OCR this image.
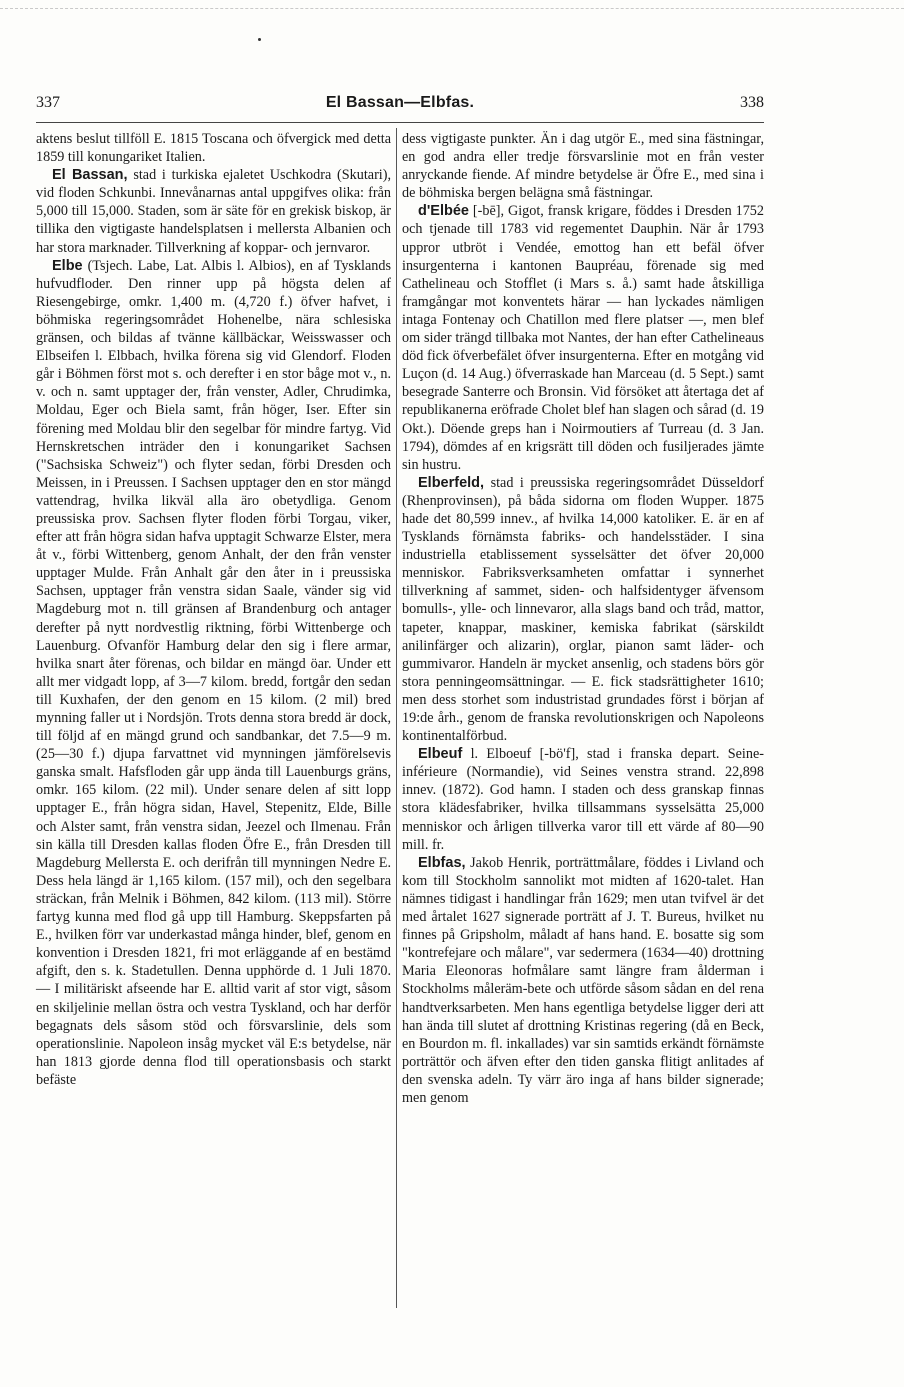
337	El Bassan—Elbfas.	338

aktens beslut tillföll E. 1815 Toscana och öfvergick med detta 1859 till konungariket Italien.

El Bassan, stad i turkiska ejaletet Uschkodra (Skutari), vid floden Schkunbi. Innevånarnas antal uppgifves olika: från 5,000 till 15,000. Staden, som är säte för en grekisk biskop, är tillika den vigtigaste handelsplatsen i mellersta Albanien och har stora marknader. Tillverkning af koppar- och jernvaror.

Elbe (Tsjech. Labe, Lat. Albis l. Albios), en af Tysklands hufvudfloder. Den rinner upp på högsta delen af Riesengebirge, omkr. 1,400 m. (4,720 f.) öfver hafvet, i böhmiska regeringsområdet Hohenelbe, nära schlesiska gränsen, och bildas af tvänne källbäckar, Weisswasser och Elbseifen l. Elbbach, hvilka förena sig vid Glendorf. Floden går i Böhmen först mot s. och derefter i en stor båge mot v., n. v. och n. samt upptager der, från venster, Adler, Chrudimka, Moldau, Eger och Biela samt, från höger, Iser. Efter sin förening med Moldau blir den segelbar för mindre fartyg. Vid Hernskretschen inträder den i konungariket Sachsen ("Sachsiska Schweiz") och flyter sedan, förbi Dresden och Meissen, in i Preussen. I Sachsen upptager den en stor mängd vattendrag, hvilka likväl alla äro obetydliga. Genom preussiska prov. Sachsen flyter floden förbi Torgau, viker, efter att från högra sidan hafva upptagit Schwarze Elster, mera åt v., förbi Wittenberg, genom Anhalt, der den från venster upptager Mulde. Från Anhalt går den åter in i preussiska Sachsen, upptager från venstra sidan Saale, vänder sig vid Magdeburg mot n. till gränsen af Brandenburg och antager derefter på nytt nordvestlig riktning, förbi Wittenberge och Lauenburg. Ofvanför Hamburg delar den sig i flere armar, hvilka snart åter förenas, och bildar en mängd öar. Under ett allt mer vidgadt lopp, af 3—7 kilom. bredd, fortgår den sedan till Kuxhafen, der den genom en 15 kilom. (2 mil) bred mynning faller ut i Nordsjön. Trots denna stora bredd är dock, till följd af en mängd grund och sandbankar, det 7.5—9 m. (25—30 f.) djupa farvattnet vid mynningen jämförelsevis ganska smalt. Hafsfloden går upp ända till Lauenburgs gräns, omkr. 165 kilom. (22 mil). Under senare delen af sitt lopp upptager E., från högra sidan, Havel, Stepenitz, Elde, Bille och Alster samt, från venstra sidan, Jeezel och Ilmenau. Från sin källa till Dresden kallas floden Öfre E., från Dresden till Magdeburg Mellersta E. och derifrån till mynningen Nedre E. Dess hela längd är 1,165 kilom. (157 mil), och den segelbara sträckan, från Melnik i Böhmen, 842 kilom. (113 mil). Större fartyg kunna med flod gå upp till Hamburg. Skeppsfarten på E., hvilken förr var underkastad många hinder, blef, genom en konvention i Dresden 1821, fri mot erläggande af en bestämd afgift, den s. k. Stadetullen. Denna upphörde d. 1 Juli 1870. — I militäriskt afseende har E. alltid varit af stor vigt, såsom en skiljelinie mellan östra och vestra Tyskland, och har derför begagnats dels såsom stöd och försvarslinie, dels som operationslinie. Napoleon insåg mycket väl E:s betydelse, när han 1813 gjorde denna flod till operationsbasis och starkt befäste

dess vigtigaste punkter. Än i dag utgör E., med sina fästningar, en god andra eller tredje försvarslinie mot en från vester anryckande fiende. Af mindre betydelse är Öfre E., med sina i de böhmiska bergen belägna små fästningar.

d'Elbée [-bē], Gigot, fransk krigare, föddes i Dresden 1752 och tjenade till 1783 vid regementet Dauphin. När år 1793 uppror utbröt i Vendée, emottog han ett befäl öfver insurgenterna i kantonen Baupréau, förenade sig med Cathelineau och Stofflet (i Mars s. å.) samt hade åtskilliga framgångar mot konventets härar — han lyckades nämligen intaga Fontenay och Chatillon med flere platser —, men blef om sider trängd tillbaka mot Nantes, der han efter Cathelineaus död fick öfverbefälet öfver insurgenterna. Efter en motgång vid Luçon (d. 14 Aug.) öfverraskade han Marceau (d. 5 Sept.) samt besegrade Santerre och Bronsin. Vid försöket att återtaga det af republikanerna eröfrade Cholet blef han slagen och sårad (d. 19 Okt.). Döende greps han i Noirmoutiers af Turreau (d. 3 Jan. 1794), dömdes af en krigsrätt till döden och fusiljerades jämte sin hustru.

Elberfeld, stad i preussiska regeringsområdet Düsseldorf (Rhenprovinsen), på båda sidorna om floden Wupper. 1875 hade det 80,599 innev., af hvilka 14,000 katoliker. E. är en af Tysklands förnämsta fabriks- och handelsstäder. I sina industriella etablissement sysselsätter det öfver 20,000 menniskor. Fabriksverksamheten omfattar i synnerhet tillverkning af sammet, siden- och halfsidentyger äfvensom bomulls-, ylle- och linnevaror, alla slags band och tråd, mattor, tapeter, knappar, maskiner, kemiska fabrikat (särskildt anilinfärger och alizarin), orglar, pianon samt läder- och gummivaror. Handeln är mycket ansenlig, och stadens börs gör stora penningeomsättningar. — E. fick stadsrättigheter 1610; men dess storhet som industristad grundades först i början af 19:de årh., genom de franska revolutionskrigen och Napoleons kontinentalförbud.

Elbeuf l. Elboeuf [-bö'f], stad i franska depart. Seine-inférieure (Normandie), vid Seines venstra strand. 22,898 innev. (1872). God hamn. I staden och dess granskap finnas stora klädesfabriker, hvilka tillsammans sysselsätta 25,000 menniskor och årligen tillverka varor till ett värde af 80—90 mill. fr.

Elbfas, Jakob Henrik, porträttmålare, föddes i Livland och kom till Stockholm sannolikt mot midten af 1620-talet. Han nämnes tidigast i handlingar från 1629; men utan tvifvel är det med årtalet 1627 signerade porträtt af J. T. Bureus, hvilket nu finnes på Gripsholm, måladt af hans hand. E. bosatte sig som "kontrefejare och målare", var sedermera (1634—40) drottning Maria Eleonoras hofmålare samt längre fram ålderman i Stockholms måleräm-bete och utförde såsom sådan en del rena handtverksarbeten. Men hans egentliga betydelse ligger deri att han ända till slutet af drottning Kristinas regering (då en Beck, en Bourdon m. fl. inkallades) var sin samtids erkändt förnämste porträttör och äfven efter den tiden ganska flitigt anlitades af den svenska adeln. Ty värr äro inga af hans bilder signerade; men genom
